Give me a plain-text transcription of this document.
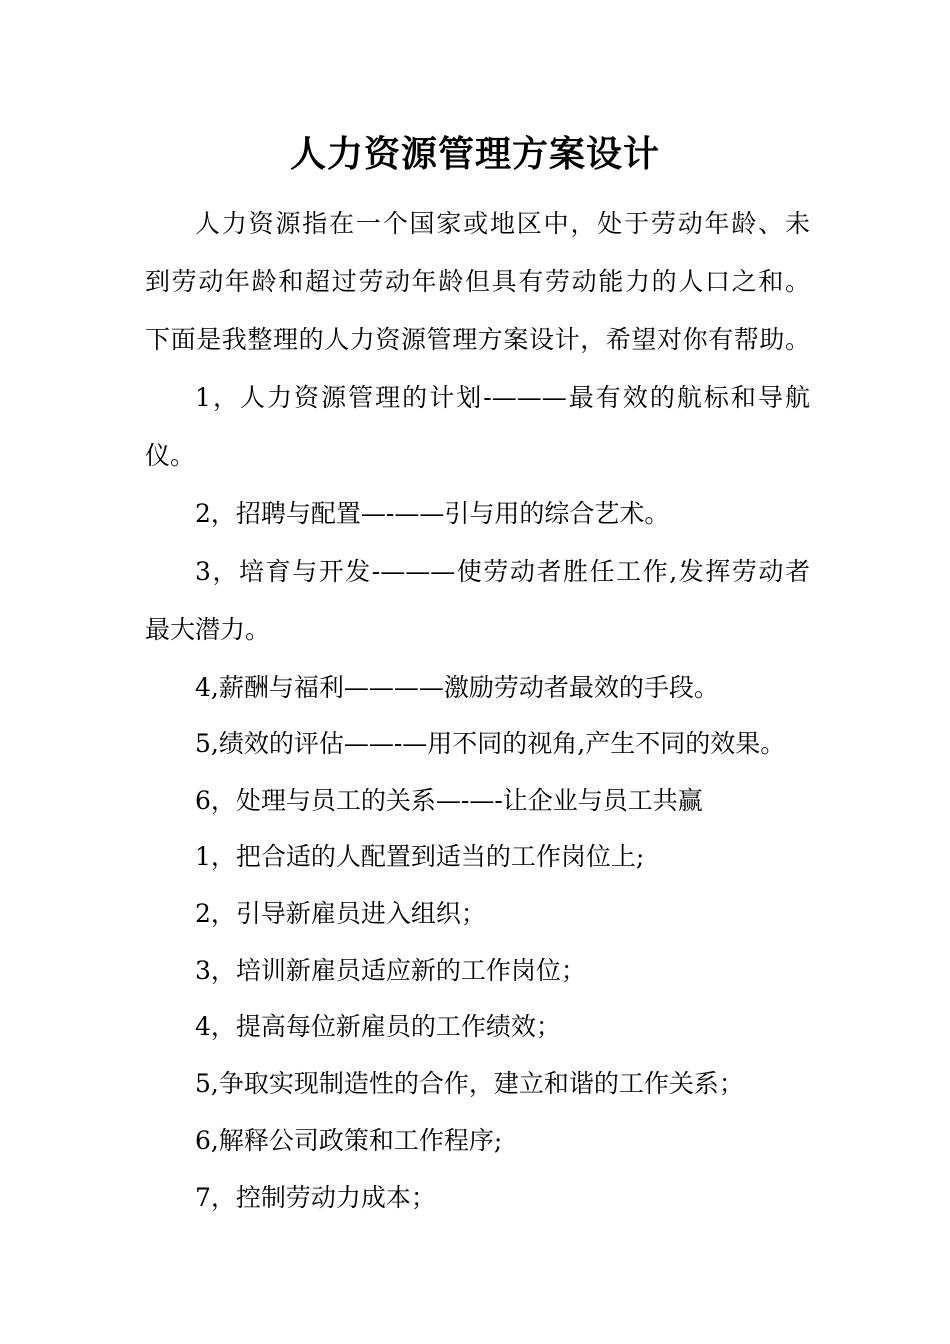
人力资源管理方案设计
人力资源指在一个国家或地区中，处于劳动年龄、未
到劳动年龄和超过劳动年龄但具有劳动能力的人口之和。
下面是我整理的人力资源管理方案设计，希望对你有帮助。
1，人力资源管理的计划-———最有效的航标和导航
仪。
2，招聘与配置—-——引与用的综合艺术。
3，培育与开发-———使劳动者胜任工作,发挥劳动者
最大潜力。
4,薪酬与福利————激励劳动者最效的手段。
5,绩效的评估——-—用不同的视角,产生不同的效果。
6，处理与员工的关系—-—-让企业与员工共赢
1，把合适的人配置到适当的工作岗位上;
2，引导新雇员进入组织；
3，培训新雇员适应新的工作岗位；
4，提高每位新雇员的工作绩效；
5,争取实现制造性的合作，建立和谐的工作关系；
6,解释公司政策和工作程序;
7，控制劳动力成本；
